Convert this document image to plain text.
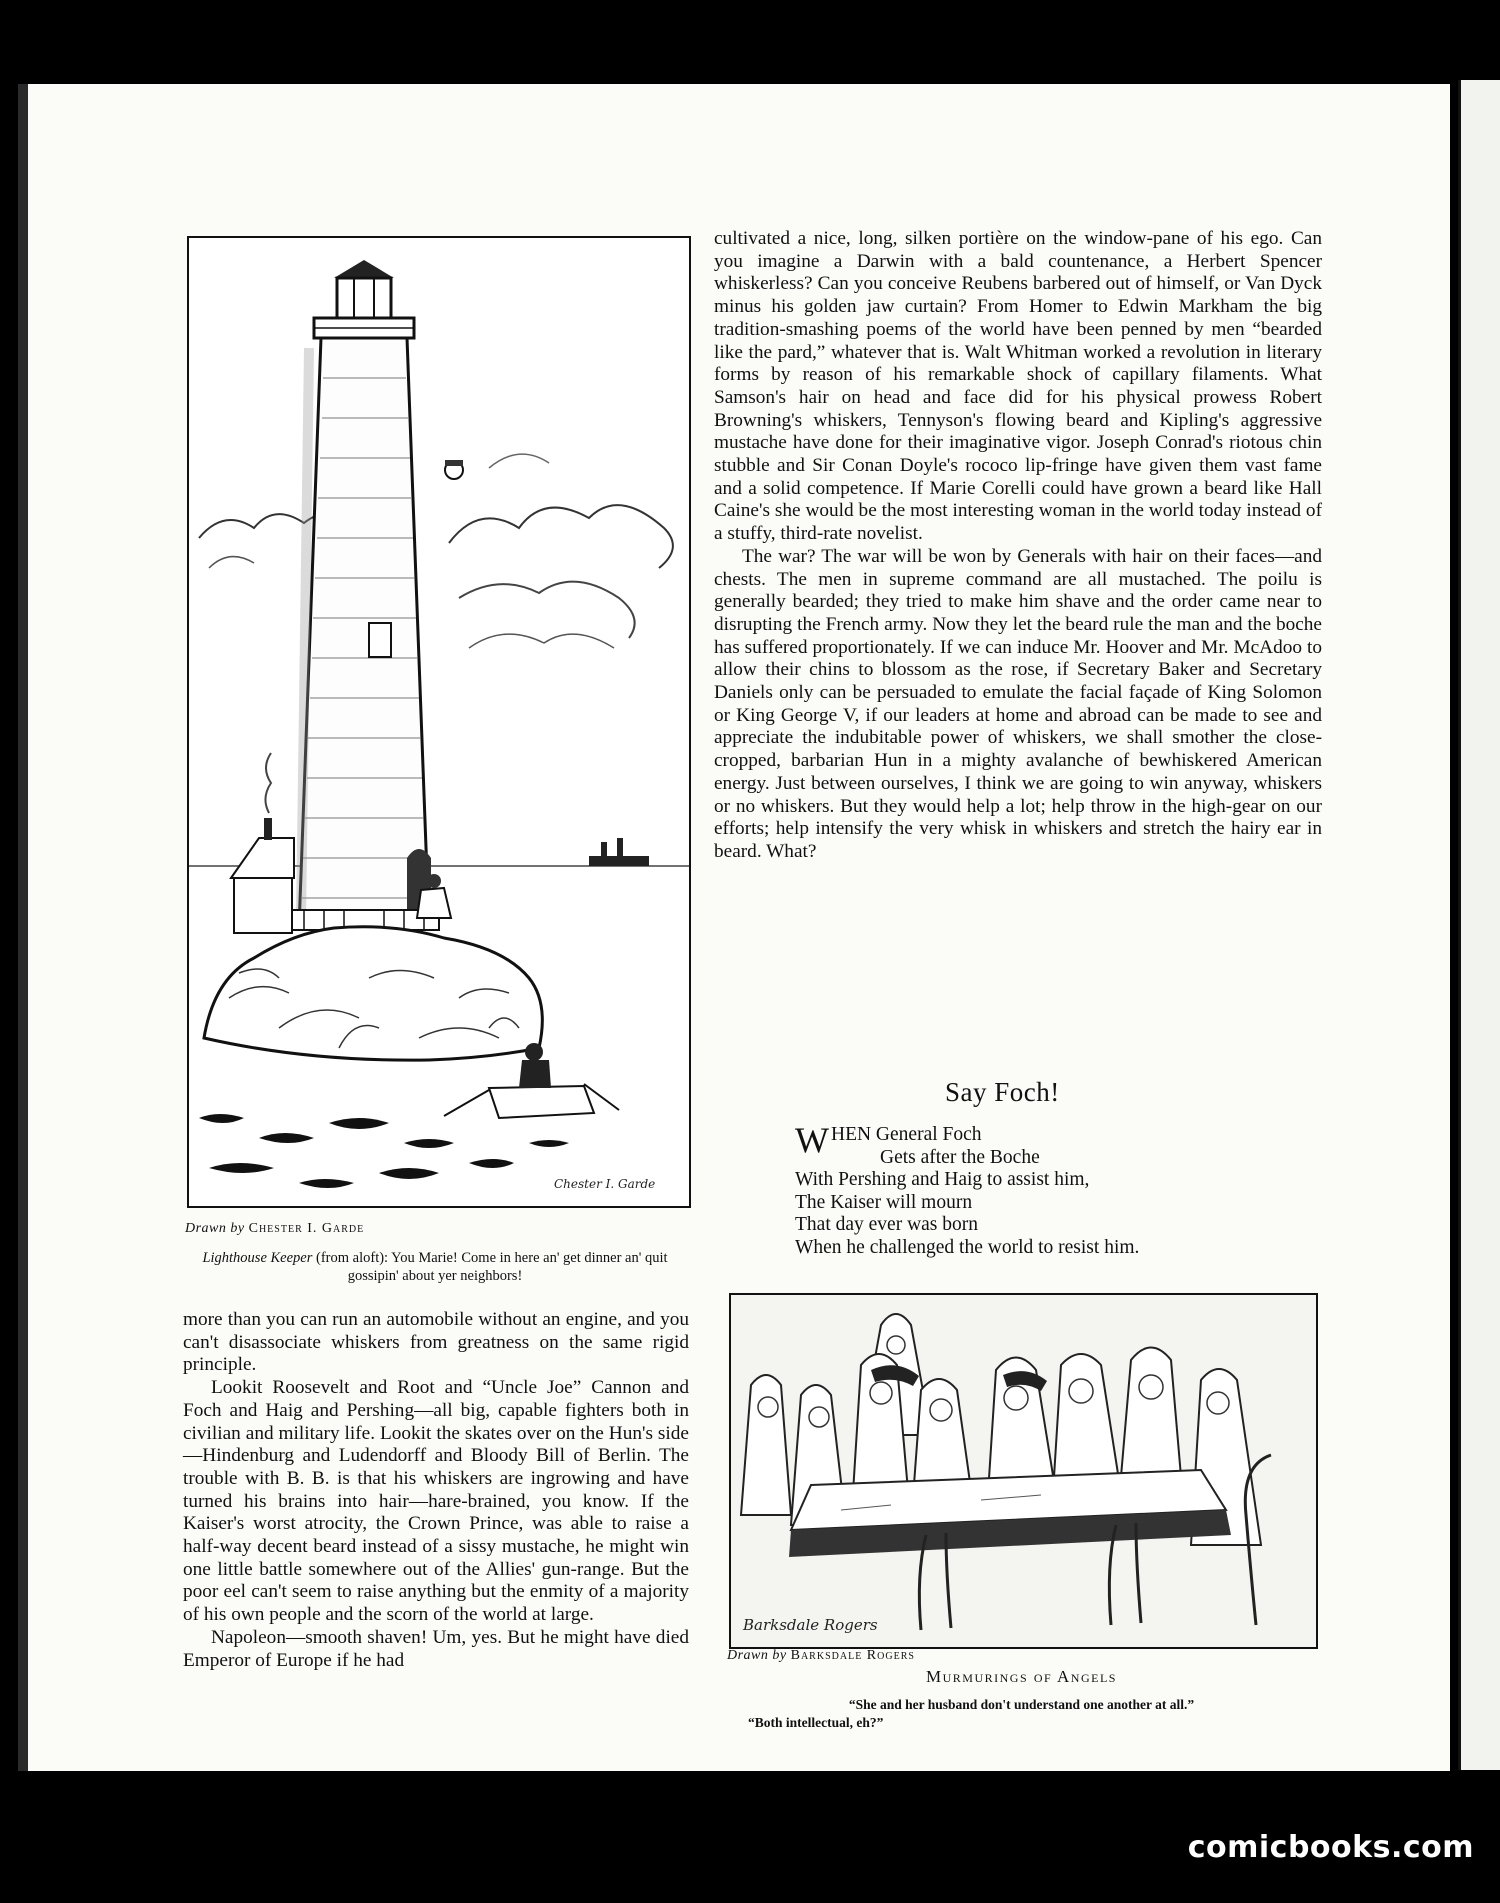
Chester I. Garde
Drawn by Chester I. Garde
Lighthouse Keeper (from aloft): You Marie! Come in here an' get dinner an' quit gossipin' about yer neighbors!

cultivated a nice, long, silken portière on the window-pane of his ego. Can you imagine a Darwin with a bald countenance, a Herbert Spencer whiskerless? Can you conceive Reubens barbered out of himself, or Van Dyck minus his golden jaw curtain? From Homer to Edwin Markham the big tradition-smashing poems of the world have been penned by men “bearded like the pard,” whatever that is. Walt Whitman worked a revolution in literary forms by reason of his remarkable shock of capillary filaments. What Samson's hair on head and face did for his physical prowess Robert Browning's whiskers, Tennyson's flowing beard and Kipling's aggressive mustache have done for their imaginative vigor. Joseph Conrad's riotous chin stubble and Sir Conan Doyle's rococo lip-fringe have given them vast fame and a solid competence. If Marie Corelli could have grown a beard like Hall Caine's she would be the most interesting woman in the world today instead of a stuffy, third-rate novelist.

The war? The war will be won by Generals with hair on their faces—and chests. The men in supreme command are all mustached. The poilu is generally bearded; they tried to make him shave and the order came near to disrupting the French army. Now they let the beard rule the man and the boche has suffered proportionately. If we can induce Mr. Hoover and Mr. McAdoo to allow their chins to blossom as the rose, if Secretary Baker and Secretary Daniels only can be persuaded to emulate the facial façade of King Solomon or King George V, if our leaders at home and abroad can be made to see and appreciate the indubitable power of whiskers, we shall smother the close-cropped, barbarian Hun in a mighty avalanche of bewhiskered American energy. Just between ourselves, I think we are going to win anyway, whiskers or no whiskers. But they would help a lot; help throw in the high-gear on our efforts; help intensify the very whisk in whiskers and stretch the hairy ear in beard. What?

Say Foch!
WHEN General Foch
Gets after the Boche
With Pershing and Haig to assist him,
The Kaiser will mourn
That day ever was born
When he challenged the world to resist him.

more than you can run an automobile without an engine, and you can't disassociate whiskers from greatness on the same rigid principle.

Lookit Roosevelt and Root and “Uncle Joe” Cannon and Foch and Haig and Pershing—all big, capable fighters both in civilian and military life. Lookit the skates over on the Hun's side—Hindenburg and Ludendorff and Bloody Bill of Berlin. The trouble with B. B. is that his whiskers are ingrowing and have turned his brains into hair—hare-brained, you know. If the Kaiser's worst atrocity, the Crown Prince, was able to raise a half-way decent beard instead of a sissy mustache, he might win one little battle somewhere out of the Allies' gun-range. But the poor eel can't seem to raise anything but the enmity of a majority of his own people and the scorn of the world at large.

Napoleon—smooth shaven! Um, yes. But he might have died Emperor of Europe if he had

Barksdale Rogers
Drawn by Barksdale Rogers
Murmurings of Angels
“She and her husband don't understand one another at all.”
“Both intellectual, eh?”
comicbooks.com
